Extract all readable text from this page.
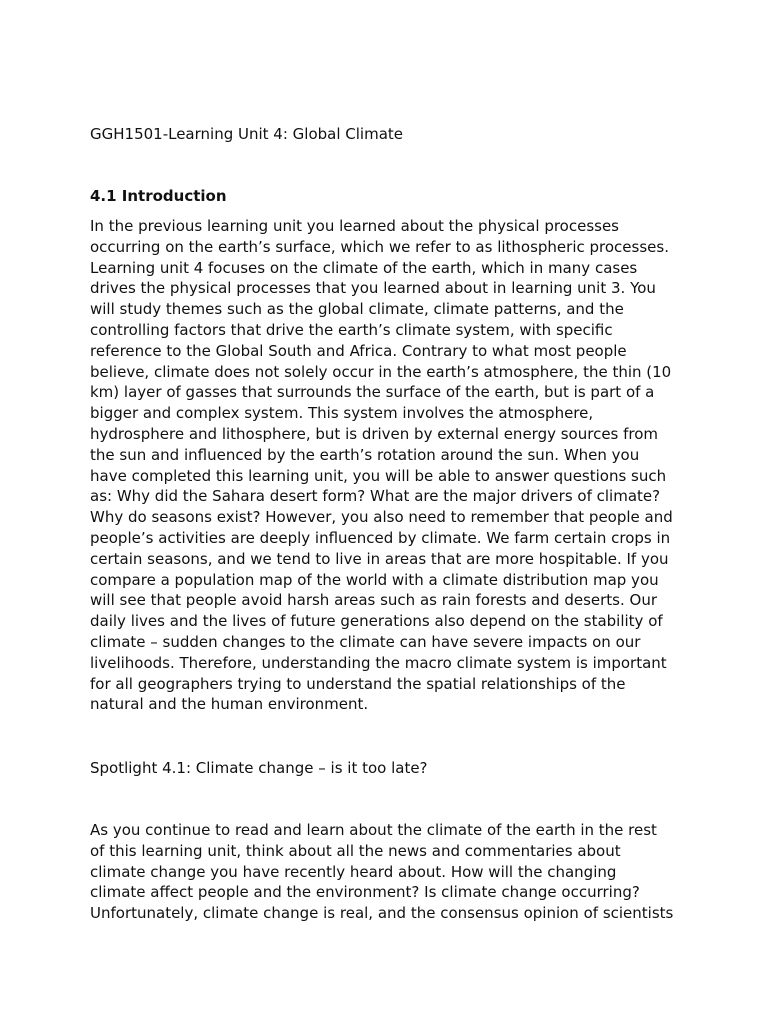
GGH1501-Learning Unit 4: Global Climate
4.1 Introduction

In the previous learning unit you learned about the physical processes
occurring on the earth’s surface, which we refer to as lithospheric processes.
Learning unit 4 focuses on the climate of the earth, which in many cases
drives the physical processes that you learned about in learning unit 3. You
will study themes such as the global climate, climate patterns, and the
controlling factors that drive the earth’s climate system, with specific
reference to the Global South and Africa. Contrary to what most people
believe, climate does not solely occur in the earth’s atmosphere, the thin (10
km) layer of gasses that surrounds the surface of the earth, but is part of a
bigger and complex system. This system involves the atmosphere,
hydrosphere and lithosphere, but is driven by external energy sources from
the sun and influenced by the earth’s rotation around the sun. When you
have completed this learning unit, you will be able to answer questions such
as: Why did the Sahara desert form? What are the major drivers of climate?
Why do seasons exist? However, you also need to remember that people and
people’s activities are deeply influenced by climate. We farm certain crops in
certain seasons, and we tend to live in areas that are more hospitable. If you
compare a population map of the world with a climate distribution map you
will see that people avoid harsh areas such as rain forests and deserts. Our
daily lives and the lives of future generations also depend on the stability of
climate – sudden changes to the climate can have severe impacts on our
livelihoods. Therefore, understanding the macro climate system is important
for all geographers trying to understand the spatial relationships of the
natural and the human environment.

Spotlight 4.1: Climate change – is it too late?

As you continue to read and learn about the climate of the earth in the rest
of this learning unit, think about all the news and commentaries about
climate change you have recently heard about. How will the changing
climate affect people and the environment? Is climate change occurring?
Unfortunately, climate change is real, and the consensus opinion of scientists
